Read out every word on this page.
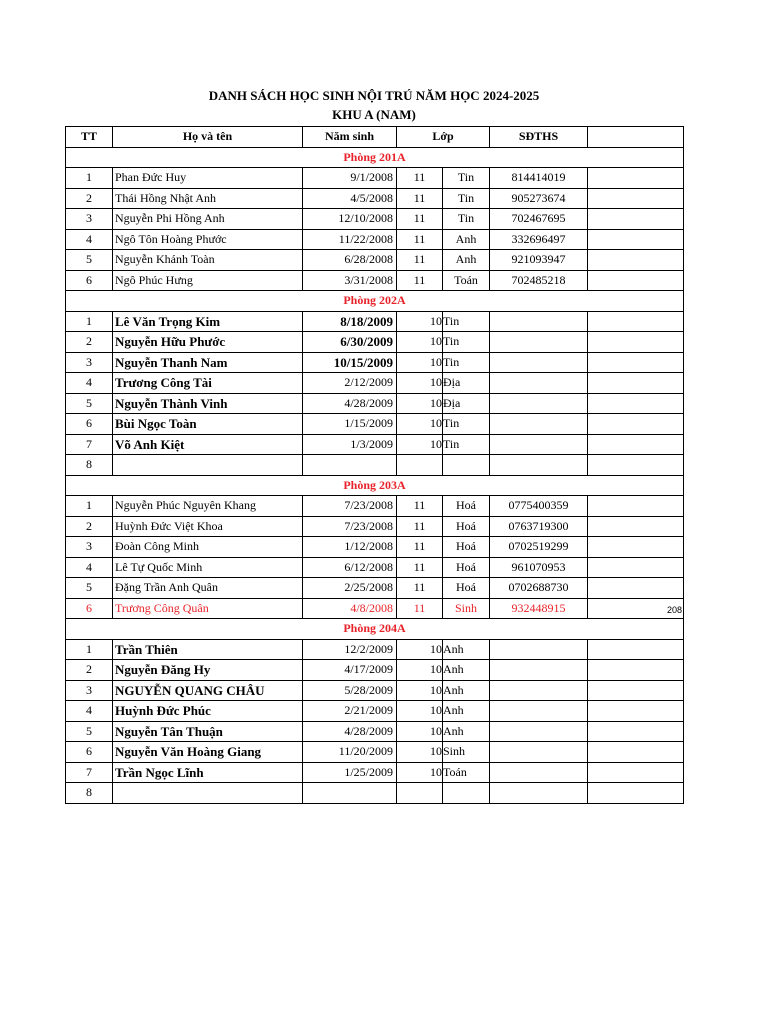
DANH SÁCH HỌC SINH NỘI TRÚ NĂM HỌC 2024-2025
KHU A (NAM)
TT	Họ và tên	Năm sinh	Lớp		SĐTHS	
Phòng 201A						
1	Phan Đức Huy	9/1/2008	11	Tin	814414019	
2	Thái Hồng Nhật Anh	4/5/2008	11	Tin	905273674	
3	Nguyễn Phi Hồng Anh	12/10/2008	11	Tin	702467695	
4	Ngô Tôn Hoàng Phước	11/22/2008	11	Anh	332696497	
5	Nguyễn Khánh Toàn	6/28/2008	11	Anh	921093947	
6	Ngô Phúc Hưng	3/31/2008	11	Toán	702485218	
Phòng 202A						
1	Lê Văn Trọng Kim	8/18/2009	10	Tin		
2	Nguyễn Hữu Phước	6/30/2009	10	Tin		
3	Nguyễn Thanh Nam	10/15/2009	10	Tin		
4	Trương Công Tài	2/12/2009	10	Địa		
5	Nguyễn Thành Vinh	4/28/2009	10	Địa		
6	Bùi Ngọc Toàn	1/15/2009	10	Tin		
7	Võ Anh Kiệt	1/3/2009	10	Tin		
8						
Phòng 203A						
1	Nguyễn Phúc Nguyên Khang	7/23/2008	11	Hoá	0775400359	
2	Huỳnh Đức Việt Khoa	7/23/2008	11	Hoá	0763719300	
3	Đoàn Công Minh	1/12/2008	11	Hoá	0702519299	
4	Lê Tự Quốc Minh	6/12/2008	11	Hoá	961070953	
5	Đặng Trần Anh Quân	2/25/2008	11	Hoá	0702688730	
6	Trương Công Quân	4/8/2008	11	Sinh	932448915	
Phòng 204A						
1	Trần Thiên	12/2/2009	10	Anh		
2	Nguyễn Đăng Hy	4/17/2009	10	Anh		
3	NGUYỄN QUANG CHÂU	5/28/2009	10	Anh		
4	Huỳnh Đức Phúc	2/21/2009	10	Anh		
5	Nguyễn Tân Thuận	4/28/2009	10	Anh		
6	Nguyễn Văn Hoàng Giang	11/20/2009	10	Sinh		
7	Trần Ngọc Lĩnh	1/25/2009	10	Toán		
8						
208
